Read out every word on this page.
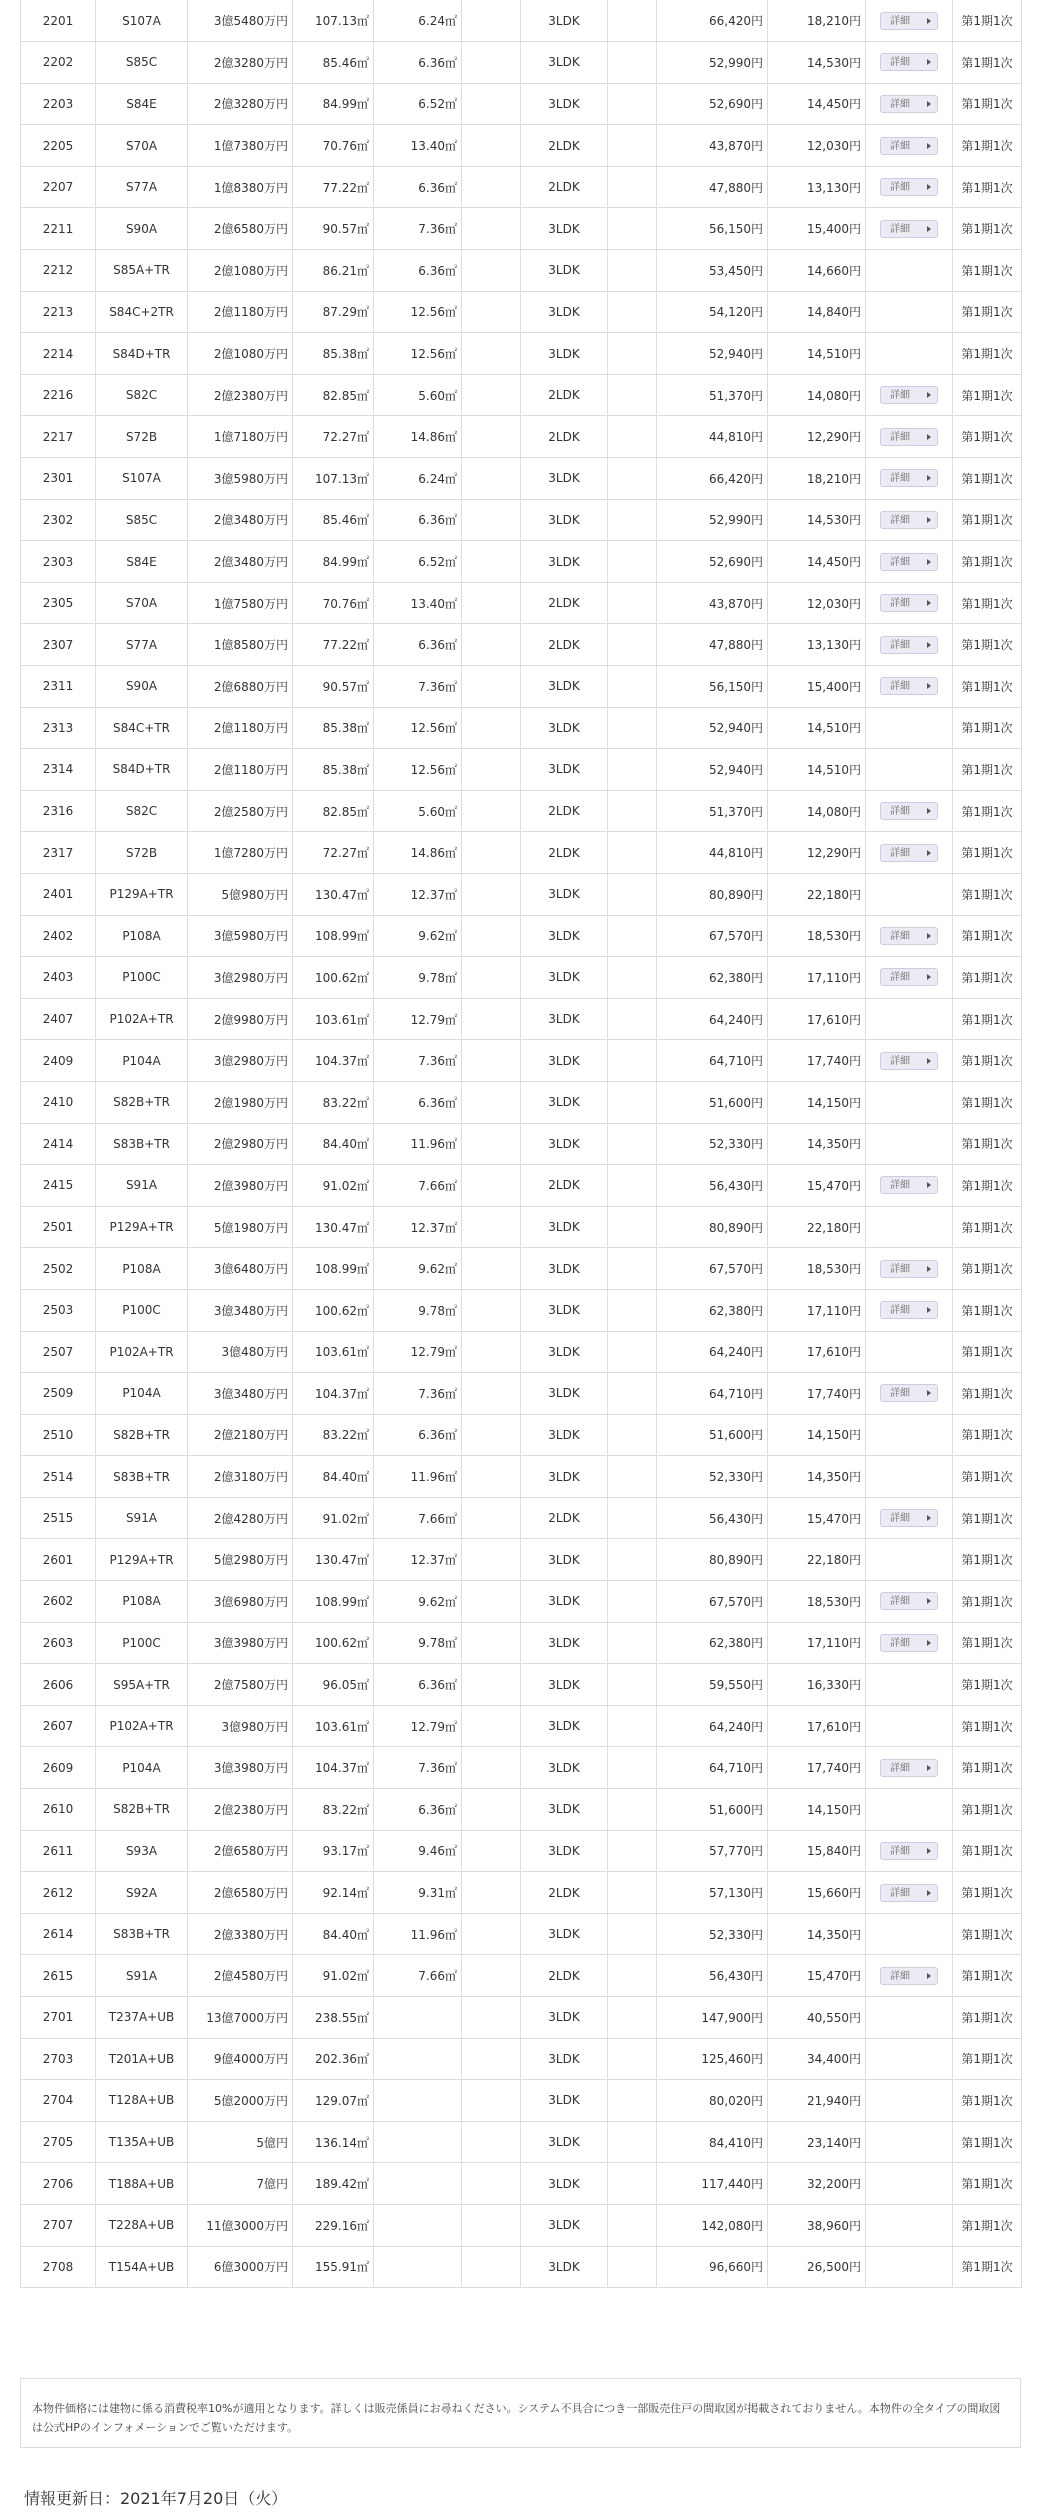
2201	S107A	3億5480万円	107.13㎡	6.24㎡		3LDK		66,420円	18,210円	詳細	第1期1次
2202	S85C	2億3280万円	85.46㎡	6.36㎡		3LDK		52,990円	14,530円	詳細	第1期1次
2203	S84E	2億3280万円	84.99㎡	6.52㎡		3LDK		52,690円	14,450円	詳細	第1期1次
2205	S70A	1億7380万円	70.76㎡	13.40㎡		2LDK		43,870円	12,030円	詳細	第1期1次
2207	S77A	1億8380万円	77.22㎡	6.36㎡		2LDK		47,880円	13,130円	詳細	第1期1次
2211	S90A	2億6580万円	90.57㎡	7.36㎡		3LDK		56,150円	15,400円	詳細	第1期1次
2212	S85A+TR	2億1080万円	86.21㎡	6.36㎡		3LDK		53,450円	14,660円		第1期1次
2213	S84C+2TR	2億1180万円	87.29㎡	12.56㎡		3LDK		54,120円	14,840円		第1期1次
2214	S84D+TR	2億1080万円	85.38㎡	12.56㎡		3LDK		52,940円	14,510円		第1期1次
2216	S82C	2億2380万円	82.85㎡	5.60㎡		2LDK		51,370円	14,080円	詳細	第1期1次
2217	S72B	1億7180万円	72.27㎡	14.86㎡		2LDK		44,810円	12,290円	詳細	第1期1次
2301	S107A	3億5980万円	107.13㎡	6.24㎡		3LDK		66,420円	18,210円	詳細	第1期1次
2302	S85C	2億3480万円	85.46㎡	6.36㎡		3LDK		52,990円	14,530円	詳細	第1期1次
2303	S84E	2億3480万円	84.99㎡	6.52㎡		3LDK		52,690円	14,450円	詳細	第1期1次
2305	S70A	1億7580万円	70.76㎡	13.40㎡		2LDK		43,870円	12,030円	詳細	第1期1次
2307	S77A	1億8580万円	77.22㎡	6.36㎡		2LDK		47,880円	13,130円	詳細	第1期1次
2311	S90A	2億6880万円	90.57㎡	7.36㎡		3LDK		56,150円	15,400円	詳細	第1期1次
2313	S84C+TR	2億1180万円	85.38㎡	12.56㎡		3LDK		52,940円	14,510円		第1期1次
2314	S84D+TR	2億1180万円	85.38㎡	12.56㎡		3LDK		52,940円	14,510円		第1期1次
2316	S82C	2億2580万円	82.85㎡	5.60㎡		2LDK		51,370円	14,080円	詳細	第1期1次
2317	S72B	1億7280万円	72.27㎡	14.86㎡		2LDK		44,810円	12,290円	詳細	第1期1次
2401	P129A+TR	5億980万円	130.47㎡	12.37㎡		3LDK		80,890円	22,180円		第1期1次
2402	P108A	3億5980万円	108.99㎡	9.62㎡		3LDK		67,570円	18,530円	詳細	第1期1次
2403	P100C	3億2980万円	100.62㎡	9.78㎡		3LDK		62,380円	17,110円	詳細	第1期1次
2407	P102A+TR	2億9980万円	103.61㎡	12.79㎡		3LDK		64,240円	17,610円		第1期1次
2409	P104A	3億2980万円	104.37㎡	7.36㎡		3LDK		64,710円	17,740円	詳細	第1期1次
2410	S82B+TR	2億1980万円	83.22㎡	6.36㎡		3LDK		51,600円	14,150円		第1期1次
2414	S83B+TR	2億2980万円	84.40㎡	11.96㎡		3LDK		52,330円	14,350円		第1期1次
2415	S91A	2億3980万円	91.02㎡	7.66㎡		2LDK		56,430円	15,470円	詳細	第1期1次
2501	P129A+TR	5億1980万円	130.47㎡	12.37㎡		3LDK		80,890円	22,180円		第1期1次
2502	P108A	3億6480万円	108.99㎡	9.62㎡		3LDK		67,570円	18,530円	詳細	第1期1次
2503	P100C	3億3480万円	100.62㎡	9.78㎡		3LDK		62,380円	17,110円	詳細	第1期1次
2507	P102A+TR	3億480万円	103.61㎡	12.79㎡		3LDK		64,240円	17,610円		第1期1次
2509	P104A	3億3480万円	104.37㎡	7.36㎡		3LDK		64,710円	17,740円	詳細	第1期1次
2510	S82B+TR	2億2180万円	83.22㎡	6.36㎡		3LDK		51,600円	14,150円		第1期1次
2514	S83B+TR	2億3180万円	84.40㎡	11.96㎡		3LDK		52,330円	14,350円		第1期1次
2515	S91A	2億4280万円	91.02㎡	7.66㎡		2LDK		56,430円	15,470円	詳細	第1期1次
2601	P129A+TR	5億2980万円	130.47㎡	12.37㎡		3LDK		80,890円	22,180円		第1期1次
2602	P108A	3億6980万円	108.99㎡	9.62㎡		3LDK		67,570円	18,530円	詳細	第1期1次
2603	P100C	3億3980万円	100.62㎡	9.78㎡		3LDK		62,380円	17,110円	詳細	第1期1次
2606	S95A+TR	2億7580万円	96.05㎡	6.36㎡		3LDK		59,550円	16,330円		第1期1次
2607	P102A+TR	3億980万円	103.61㎡	12.79㎡		3LDK		64,240円	17,610円		第1期1次
2609	P104A	3億3980万円	104.37㎡	7.36㎡		3LDK		64,710円	17,740円	詳細	第1期1次
2610	S82B+TR	2億2380万円	83.22㎡	6.36㎡		3LDK		51,600円	14,150円		第1期1次
2611	S93A	2億6580万円	93.17㎡	9.46㎡		3LDK		57,770円	15,840円	詳細	第1期1次
2612	S92A	2億6580万円	92.14㎡	9.31㎡		2LDK		57,130円	15,660円	詳細	第1期1次
2614	S83B+TR	2億3380万円	84.40㎡	11.96㎡		3LDK		52,330円	14,350円		第1期1次
2615	S91A	2億4580万円	91.02㎡	7.66㎡		2LDK		56,430円	15,470円	詳細	第1期1次
2701	T237A+UB	13億7000万円	238.55㎡			3LDK		147,900円	40,550円		第1期1次
2703	T201A+UB	9億4000万円	202.36㎡			3LDK		125,460円	34,400円		第1期1次
2704	T128A+UB	5億2000万円	129.07㎡			3LDK		80,020円	21,940円		第1期1次
2705	T135A+UB	5億円	136.14㎡			3LDK		84,410円	23,140円		第1期1次
2706	T188A+UB	7億円	189.42㎡			3LDK		117,440円	32,200円		第1期1次
2707	T228A+UB	11億3000万円	229.16㎡			3LDK		142,080円	38,960円		第1期1次
2708	T154A+UB	6億3000万円	155.91㎡			3LDK		96,660円	26,500円		第1期1次
本物件価格には建物に係る消費税率10%が適用となります。詳しくは販売係員にお尋ねください。システム不具合につき一部販売住戸の間取図が掲載されておりません。本物件の全タイプの間取図は公式HPのインフォメーションでご覧いただけます。
情報更新日：2021年7月20日（火）
